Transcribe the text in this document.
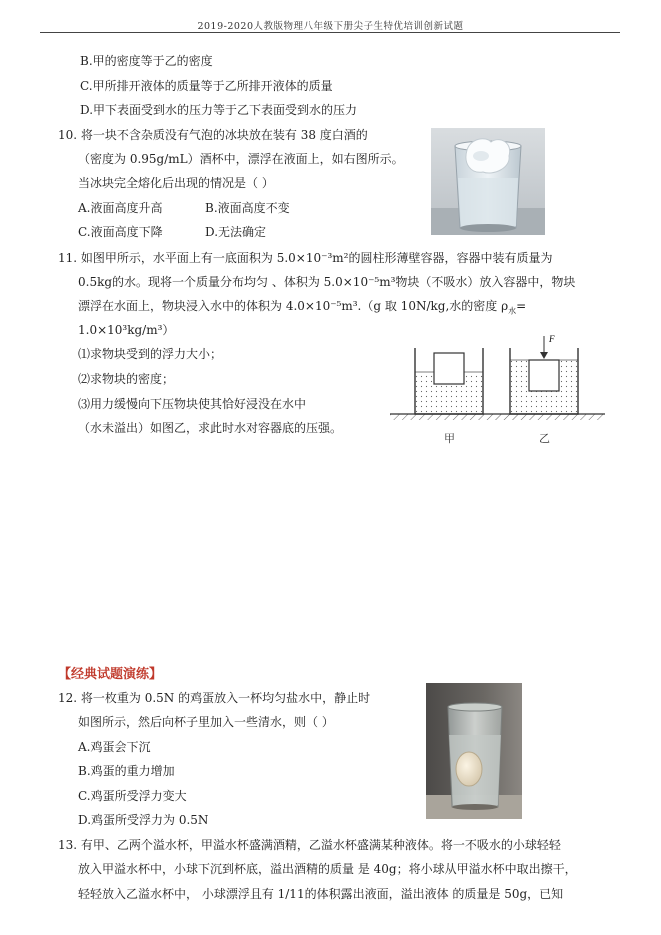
2019-2020人教版物理八年级下册尖子生特优培训创新试题
B.甲的密度等于乙的密度
C.甲所排开液体的质量等于乙所排开液体的质量
D.甲下表面受到水的压力等于乙下表面受到水的压力
10. 将一块不含杂质没有气泡的冰块放在装有 38 度白酒的
（密度为 0.95g/mL）酒杯中，漂浮在液面上，如右图所示。
当冰块完全熔化后出现的情况是（ ）
A.液面高度升高	B.液面高度不变
C.液面高度下降	D.无法确定
11. 如图甲所示，水平面上有一底面积为 5.0×10⁻³m²的圆柱形薄壁容器，容器中装有质量为
0.5kg的水。现将一个质量分布均匀 、体积为 5.0×10⁻⁵m³物块（不吸水）放入容器中，物块
漂浮在水面上，物块浸入水中的体积为 4.0×10⁻⁵m³.（g 取 10N/kg,水的密度 $\rho_水=$
1.0×10³kg/m³）
⑴求物块受到的浮力大小；
⑵求物块的密度；
⑶用力缓慢向下压物块使其恰好浸没在水中
（水未溢出）如图乙，求此时水对容器底的压强。
F
甲	乙
【经典试题演练】
12. 将一枚重为 0.5N 的鸡蛋放入一杯均匀盐水中，静止时
如图所示，然后向杯子里加入一些清水，则（ ）
A.鸡蛋会下沉
B.鸡蛋的重力增加
C.鸡蛋所受浮力变大
D.鸡蛋所受浮力为 0.5N
13. 有甲、乙两个溢水杯，甲溢水杯盛满酒精，乙溢水杯盛满某种液体。将一不吸水的小球轻轻
放入甲溢水杯中，小球下沉到杯底，溢出酒精的质量 是 40g；将小球从甲溢水杯中取出擦干，
轻轻放入乙溢水杯中， 小球漂浮且有 1/11的体积露出液面，溢出液体 的质量是 50g，已知
